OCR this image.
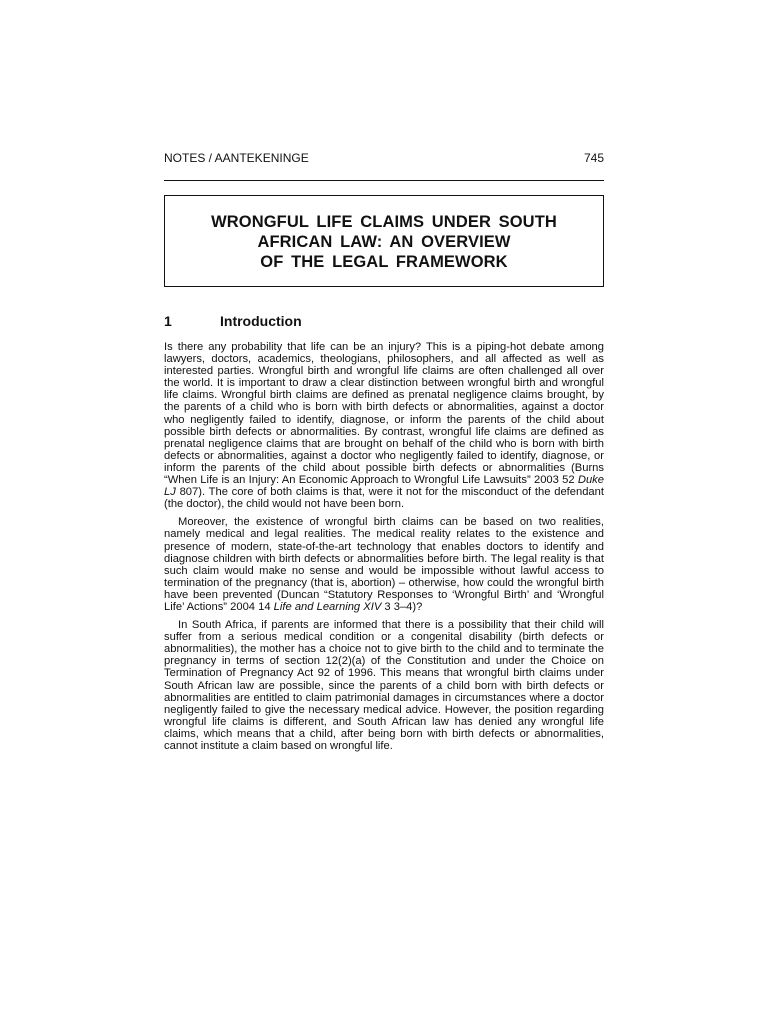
NOTES / AANTEKENINGE	745
WRONGFUL LIFE CLAIMS UNDER SOUTH
AFRICAN LAW: AN OVERVIEW
OF THE LEGAL FRAMEWORK
1	Introduction

Is there any probability that life can be an injury? This is a piping-hot debate among lawyers, doctors, academics, theologians, philosophers, and all affected as well as interested parties. Wrongful birth and wrongful life claims are often challenged all over the world. It is important to draw a clear distinction between wrongful birth and wrongful life claims. Wrongful birth claims are defined as prenatal negligence claims brought, by the parents of a child who is born with birth defects or abnormalities, against a doctor who negligently failed to identify, diagnose, or inform the parents of the child about possible birth defects or abnormalities. By contrast, wrongful life claims are defined as prenatal negligence claims that are brought on behalf of the child who is born with birth defects or abnormalities, against a doctor who negligently failed to identify, diagnose, or inform the parents of the child about possible birth defects or abnormalities (Burns “When Life is an Injury: An Economic Approach to Wrongful Life Lawsuits” 2003 52 Duke LJ 807). The core of both claims is that, were it not for the misconduct of the defendant (the doctor), the child would not have been born.

Moreover, the existence of wrongful birth claims can be based on two realities, namely medical and legal realities. The medical reality relates to the existence and presence of modern, state-of-the-art technology that enables doctors to identify and diagnose children with birth defects or abnormalities before birth. The legal reality is that such claim would make no sense and would be impossible without lawful access to termination of the pregnancy (that is, abortion) – otherwise, how could the wrongful birth have been prevented (Duncan “Statutory Responses to ‘Wrongful Birth’ and ‘Wrongful Life’ Actions” 2004 14 Life and Learning XIV 3 3–4)?

In South Africa, if parents are informed that there is a possibility that their child will suffer from a serious medical condition or a congenital disability (birth defects or abnormalities), the mother has a choice not to give birth to the child and to terminate the pregnancy in terms of section 12(2)(a) of the Constitution and under the Choice on Termination of Pregnancy Act 92 of 1996. This means that wrongful birth claims under South African law are possible, since the parents of a child born with birth defects or abnormalities are entitled to claim patrimonial damages in circumstances where a doctor negligently failed to give the necessary medical advice. However, the position regarding wrongful life claims is different, and South African law has denied any wrongful life claims, which means that a child, after being born with birth defects or abnormalities, cannot institute a claim based on wrongful life.
